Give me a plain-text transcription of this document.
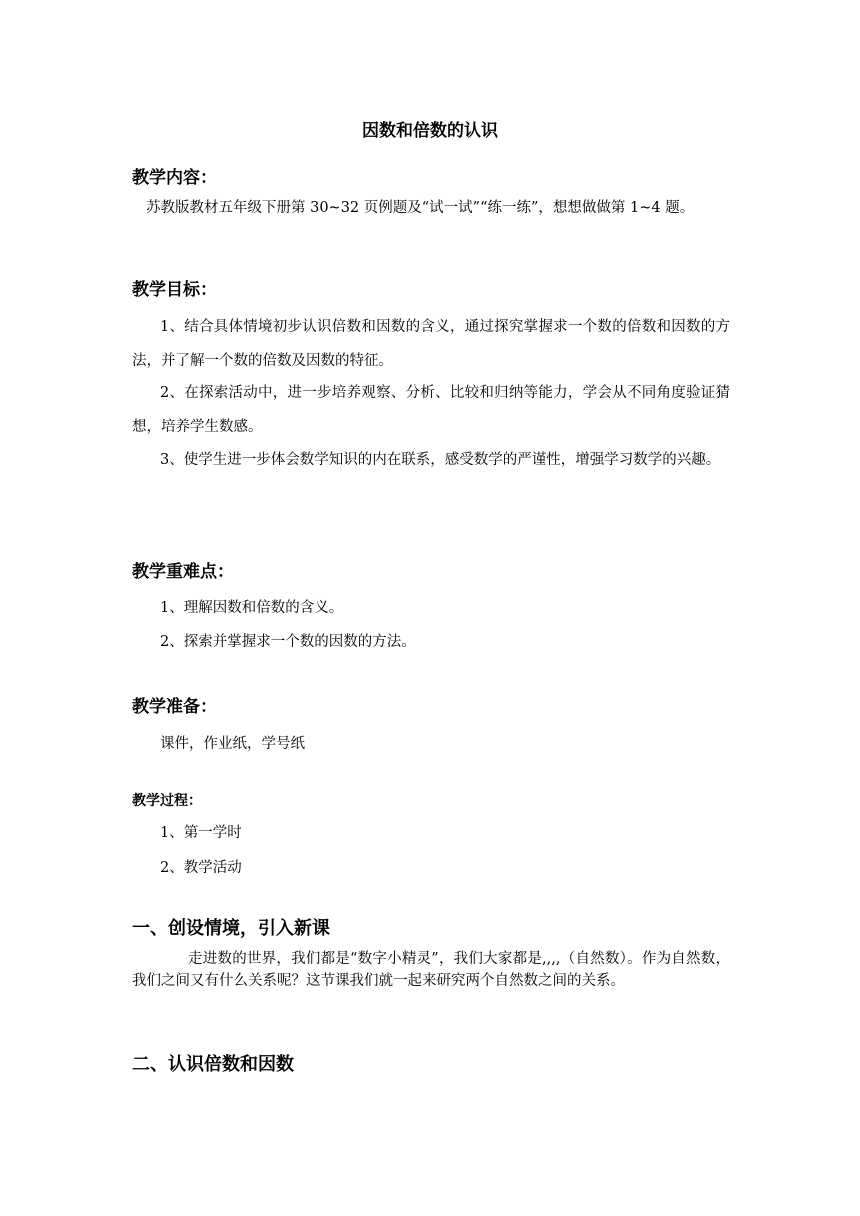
因数和倍数的认识
教学内容：
苏教版教材五年级下册第 30~32 页例题及“试一试”“练一练”，想想做做第 1~4 题。
教学目标：
1、结合具体情境初步认识倍数和因数的含义，通过探究掌握求一个数的倍数和因数的方法，并了解一个数的倍数及因数的特征。
2、在探索活动中，进一步培养观察、分析、比较和归纳等能力，学会从不同角度验证猜想，培养学生数感。
3、使学生进一步体会数学知识的内在联系，感受数学的严谨性，增强学习数学的兴趣。
教学重难点：
1、理解因数和倍数的含义。
2、探索并掌握求一个数的因数的方法。
教学准备：
课件，作业纸，学号纸
教学过程：
1、第一学时
2、教学活动
一、创设情境，引入新课
走进数的世界，我们都是“数字小精灵”，我们大家都是,,,,（自然数）。作为自然数，我们之间又有什么关系呢？这节课我们就一起来研究两个自然数之间的关系。
二、认识倍数和因数
